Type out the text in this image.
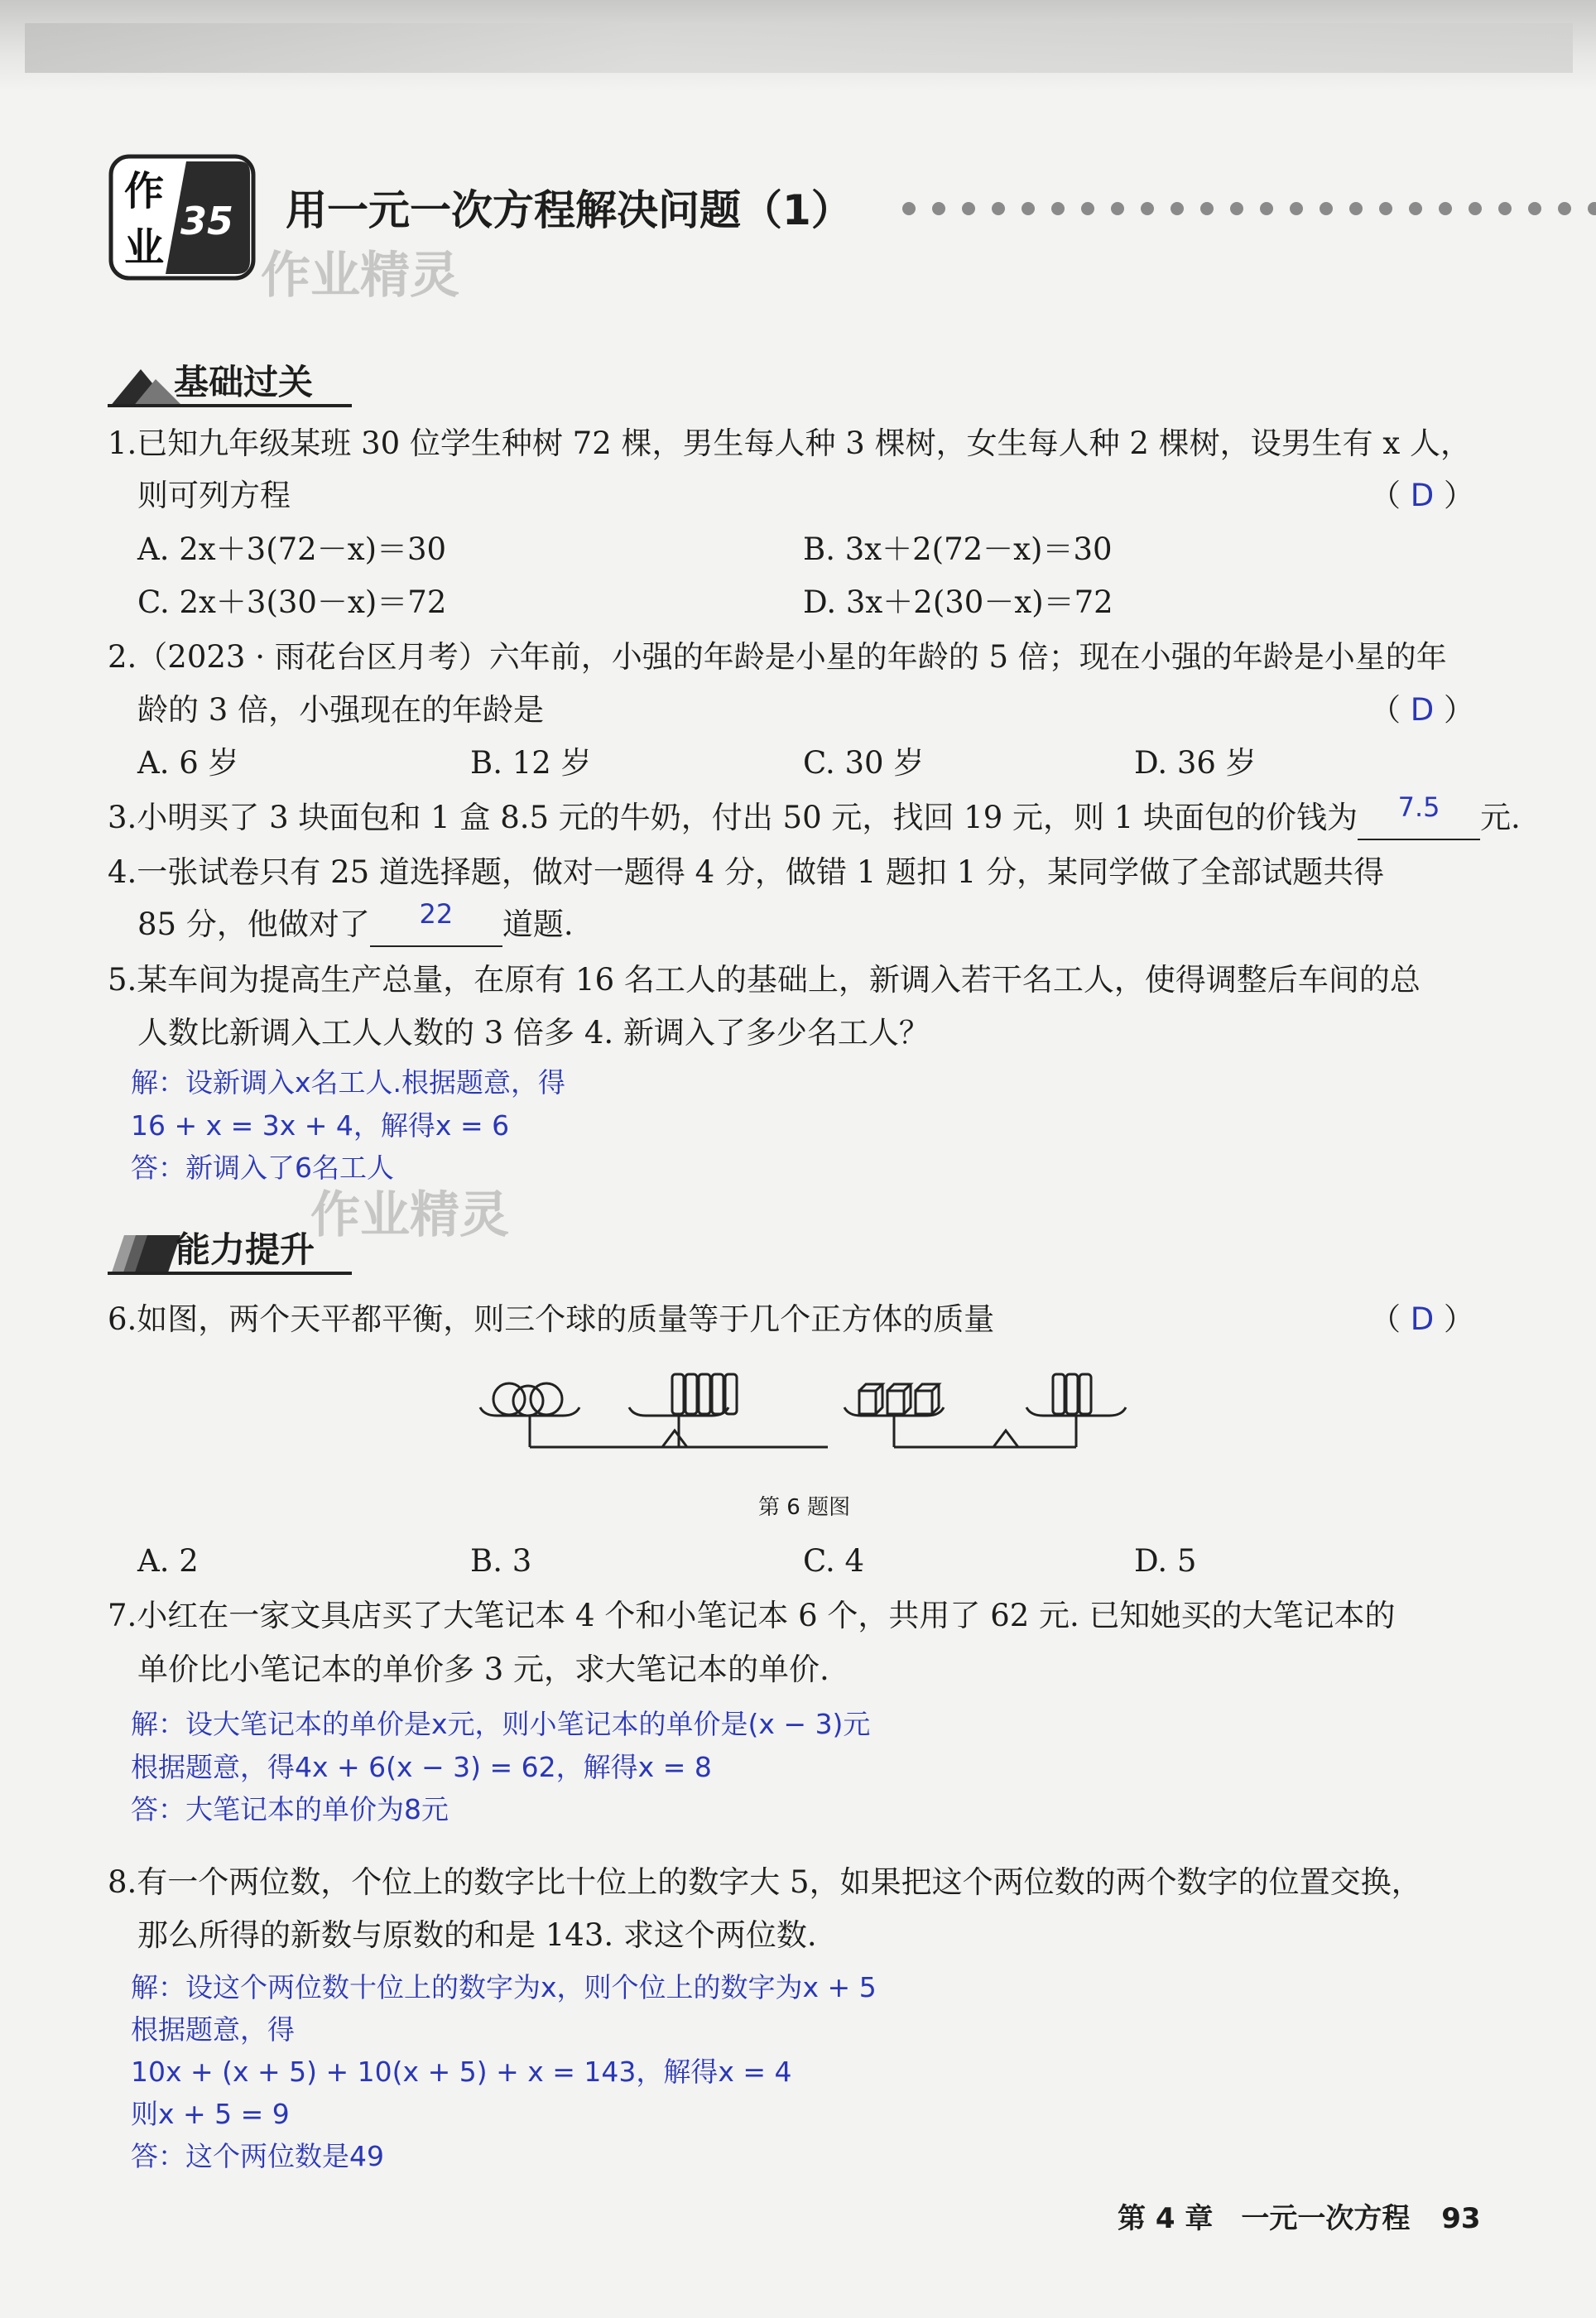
作
业
35 用一元一次方程解决问题（1）
作业精灵
作业精灵
基础过关
1.已知九年级某班 30 位学生种树 72 棵，男生每人种 3 棵树，女生每人种 2 棵树，设男生有 x 人，
则可列方程	（ D ）
A. 2x＋3(72－x)＝30	B. 3x＋2(72－x)＝30
C. 2x＋3(30－x)＝72	D. 3x＋2(30－x)＝72
2.（2023 · 雨花台区月考）六年前，小强的年龄是小星的年龄的 5 倍；现在小强的年龄是小星的年
龄的 3 倍，小强现在的年龄是	（ D ）
A. 6 岁	B. 12 岁	C. 30 岁	D. 36 岁
3.小明买了 3 块面包和 1 盒 8.5 元的牛奶，付出 50 元，找回 19 元，则 1 块面包的价钱为 7.5 元.
4.一张试卷只有 25 道选择题，做对一题得 4 分，做错 1 题扣 1 分，某同学做了全部试题共得
85 分，他做对了 22 道题.
5.某车间为提高生产总量，在原有 16 名工人的基础上，新调入若干名工人，使得调整后车间的总
人数比新调入工人人数的 3 倍多 4. 新调入了多少名工人？
解：设新调入x名工人.根据题意，得
16 + x = 3x + 4，解得x = 6
答：新调入了6名工人
能力提升
6.如图，两个天平都平衡，则三个球的质量等于几个正方体的质量	（ D ）
第 6 题图
A. 2	B. 3	C. 4	D. 5
7.小红在一家文具店买了大笔记本 4 个和小笔记本 6 个，共用了 62 元. 已知她买的大笔记本的
单价比小笔记本的单价多 3 元，求大笔记本的单价.
解：设大笔记本的单价是x元，则小笔记本的单价是(x − 3)元
根据题意，得4x + 6(x − 3) = 62，解得x = 8
答：大笔记本的单价为8元
8.有一个两位数，个位上的数字比十位上的数字大 5，如果把这个两位数的两个数字的位置交换，
那么所得的新数与原数的和是 143. 求这个两位数.
解：设这个两位数十位上的数字为x，则个位上的数字为x + 5
根据题意，得
10x + (x + 5) + 10(x + 5) + x = 143，解得x = 4
则x + 5 = 9
答：这个两位数是49
第 4 章　一元一次方程 93
